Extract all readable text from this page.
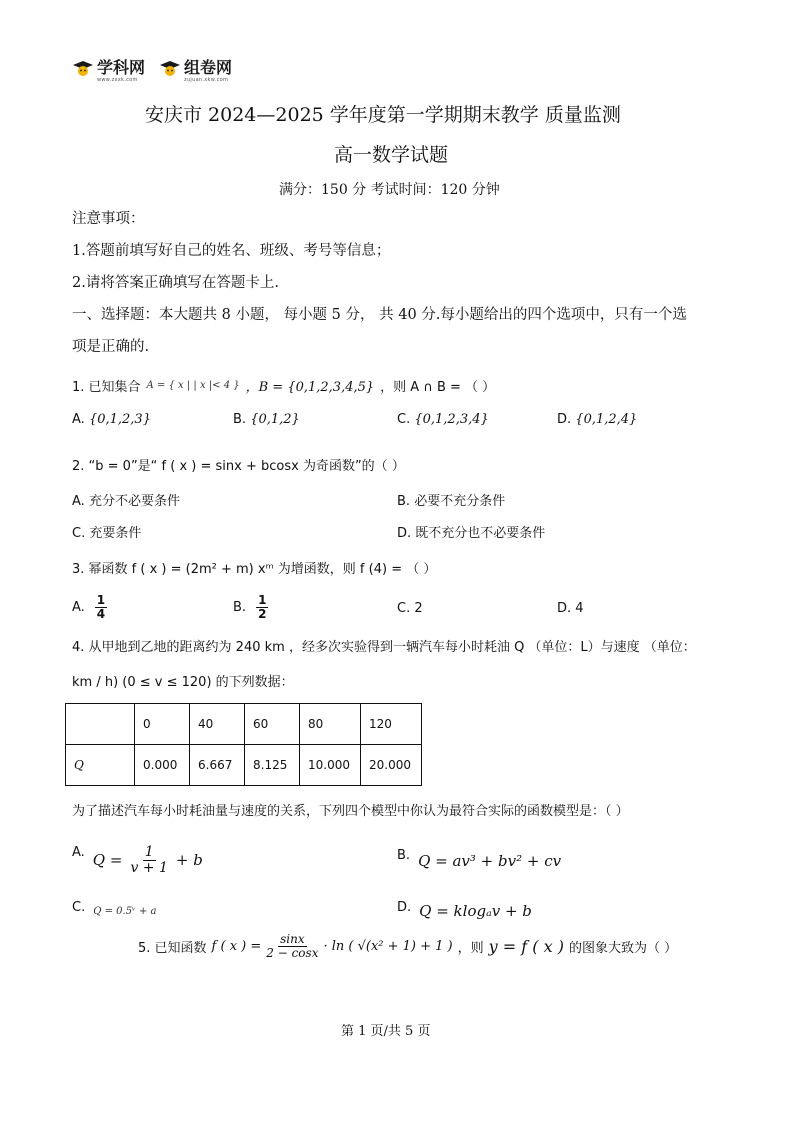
学科网
www.zxxk.com
组卷网
zujuan.xkw.com
安庆市 2024—2025 学年度第一学期期末教学 质量监测
高一数学试题
满分：150 分 考试时间：120 分钟
注意事项：
1.答题前填写好自己的姓名、班级、考号等信息；
2.请将答案正确填写在答题卡上.
一、选择题：本大题共 8 小题， 每小题 5 分， 共 40 分.每小题给出的四个选项中，只有一个选
项是正确的.
1. 已知集合 A = { x | | x |< 4 } ，B = {0,1,2,3,4,5} ，则 A ∩ B = （ ）
A. {0,1,2,3}	B. {0,1,2}	C. {0,1,2,3,4}	D. {0,1,2,4}
2. “b = 0”是“ f ( x ) = sinx + bcosx 为奇函数”的（ ）
A. 充分不必要条件	B. 必要不充分条件
C. 充要条件	D. 既不充分也不必要条件
3. 幂函数 f ( x ) = (2m² + m) xᵐ 为增函数，则 f (4) = （ ）
A. $\frac{1}{4}$	B. $\frac{1}{2}$	C. 2	D. 4
4. 从甲地到乙地的距离约为 240 km ，经多次实验得到一辆汽车每小时耗油 Q （单位：L）与速度 （单位：
km / h) (0 ≤ v ≤ 120) 的下列数据：
	0	40	60	80	120
Q	0.000	6.667	8.125	10.000	20.000
为了描述汽车每小时耗油量与速度的关系，下列四个模型中你认为最符合实际的函数模型是：（ ）
A. $Q = \frac{1}{v + 1} + b$	B. Q = av³ + bv² + cv
C. Q = 0.5ᵛ + a	D. Q = klogₐv + b
5. 已知函数 f ( x ) = $\frac{\sin x}{2 - \cos x} \cdot \ln$ ( √(x² + 1) + 1 ) ，则 y = f ( x ) 的图象大致为（ ）
第 1 页/共 5 页
